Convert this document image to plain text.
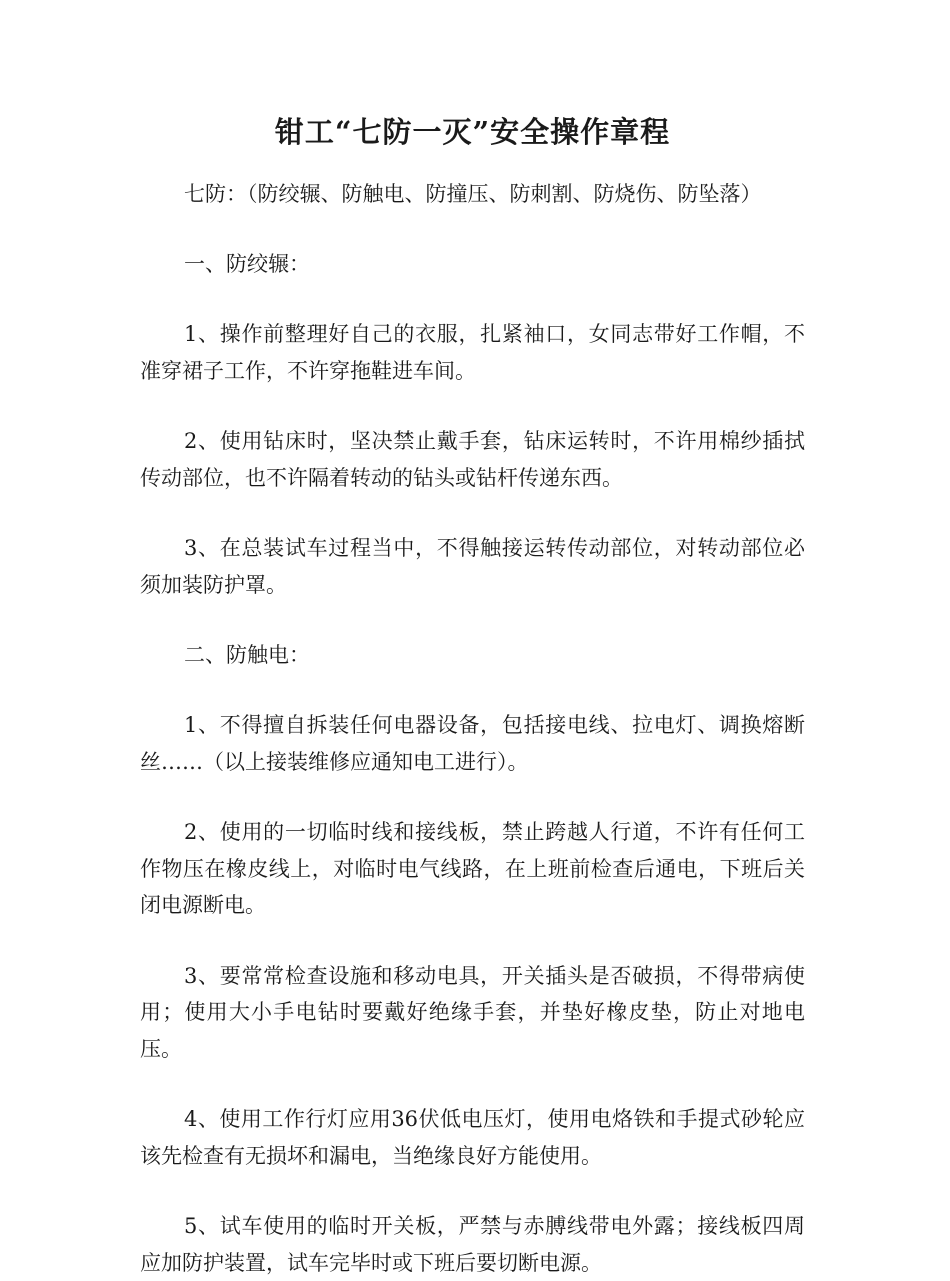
钳工“七防一灭”安全操作章程
七防：（防绞辗、防触电、防撞压、防刺割、防烧伤、防坠落）
一、防绞辗：
1、操作前整理好自己的衣服，扎紧袖口，女同志带好工作帽，不准穿裙子工作，不许穿拖鞋进车间。
2、使用钻床时，坚决禁止戴手套，钻床运转时，不许用棉纱插拭传动部位，也不许隔着转动的钻头或钻杆传递东西。
3、在总装试车过程当中，不得触接运转传动部位，对转动部位必须加装防护罩。
二、防触电：
1、不得擅自拆装任何电器设备，包括接电线、拉电灯、调换熔断丝……（以上接装维修应通知电工进行）。
2、使用的一切临时线和接线板，禁止跨越人行道，不许有任何工作物压在橡皮线上，对临时电气线路，在上班前检查后通电，下班后关闭电源断电。
3、要常常检查设施和移动电具，开关插头是否破损，不得带病使用；使用大小手电钻时要戴好绝缘手套，并垫好橡皮垫，防止对地电压。
4、使用工作行灯应用36伏低电压灯，使用电烙铁和手提式砂轮应该先检查有无损坏和漏电，当绝缘良好方能使用。
5、试车使用的临时开关板，严禁与赤膊线带电外露；接线板四周应加防护装置，试车完毕时或下班后要切断电源。
